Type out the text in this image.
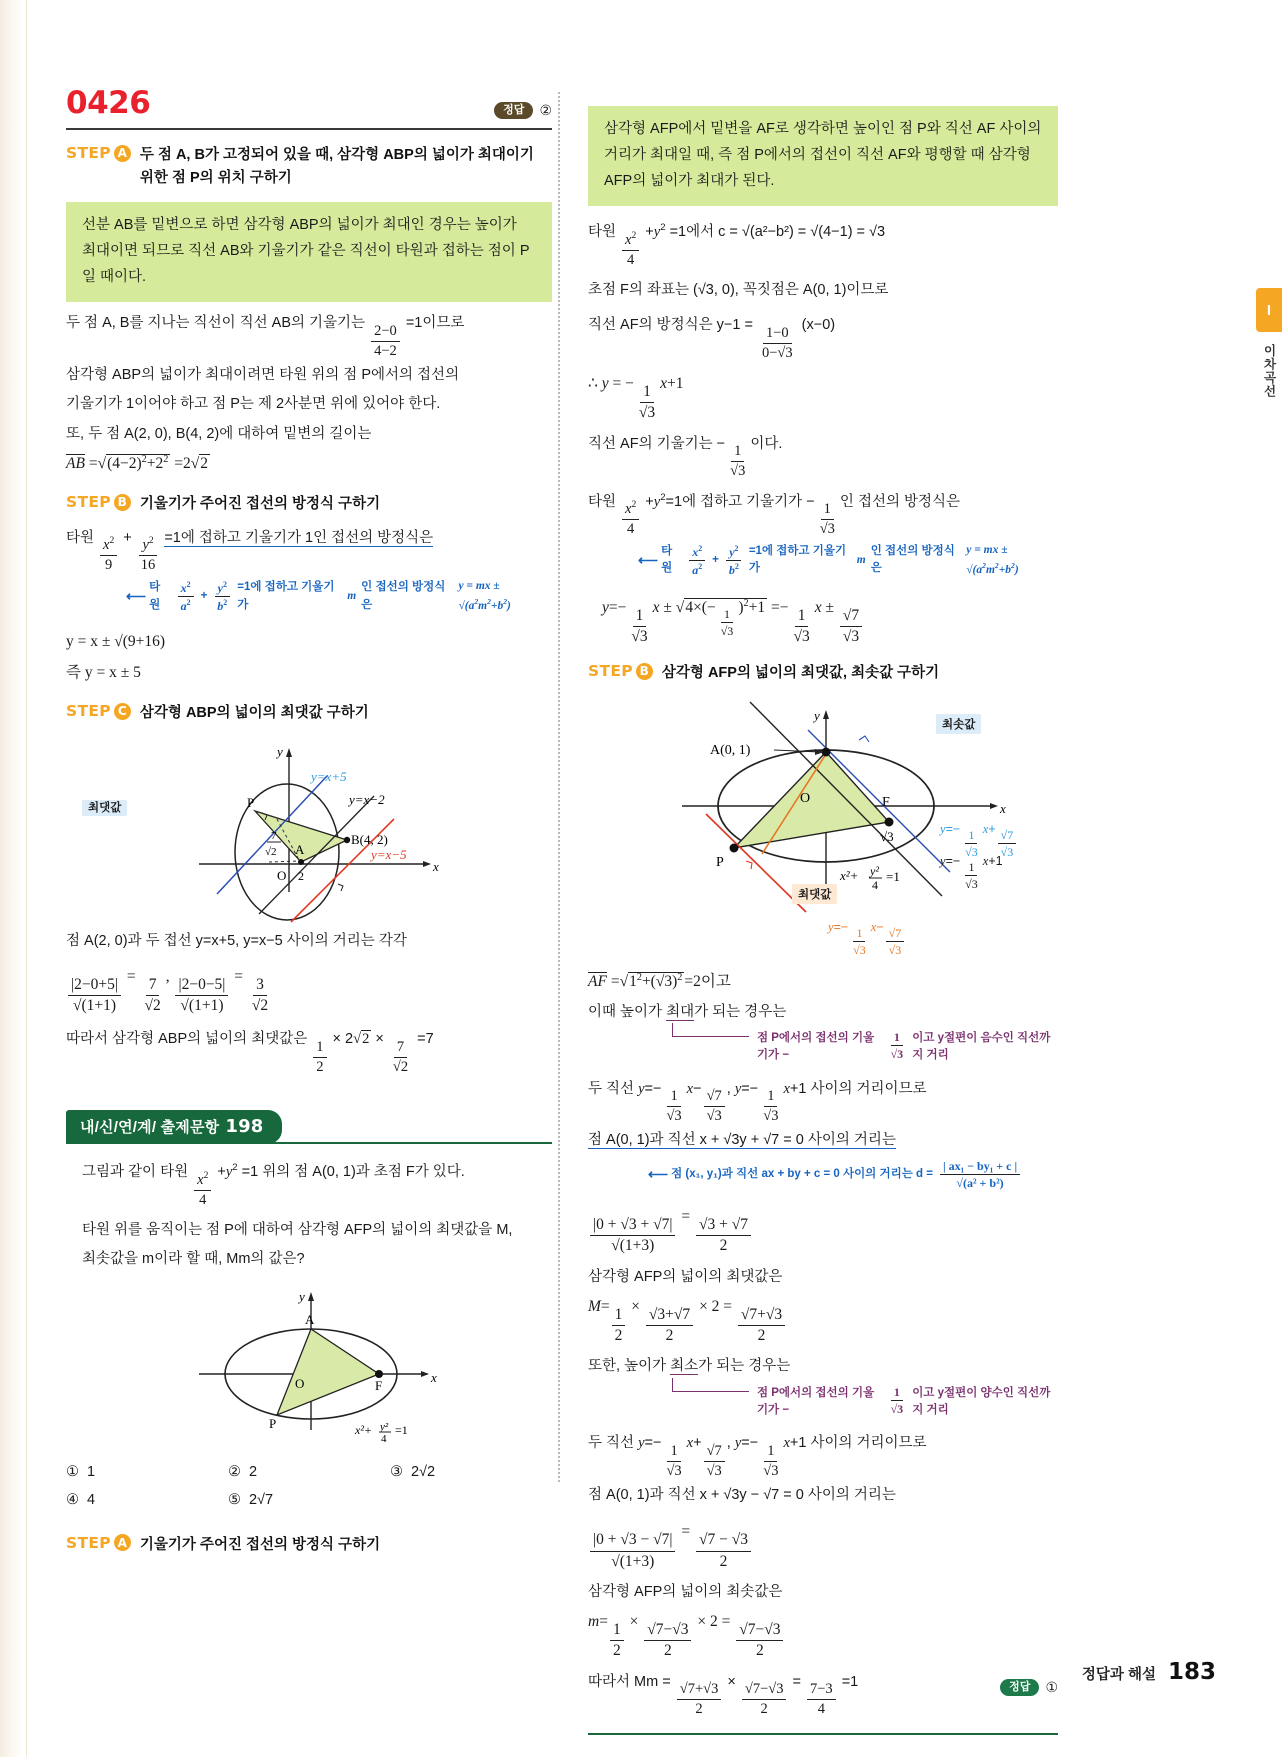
I
이차곡선
0426	정답	②
STEP A 두 점 A, B가 고정되어 있을 때, 삼각형 ABP의 넓이가 최대이기
위한 점 P의 위치 구하기
선분 AB를 밑변으로 하면 삼각형 ABP의 넓이가 최대인 경우는 높이가
최대이면 되므로 직선 AB와 기울기가 같은 직선이 타원과 접하는 점이 P
일 때이다.
두 점 A, B를 지나는 직선이 직선 AB의 기울기는 $\frac{2-0}{4-2} =1$이므로
삼각형 ABP의 넓이가 최대이려면 타원 위의 점 P에서의 접선의
기울기가 1이어야 하고 점 P는 제 2사분면 위에 있어야 한다.
또, 두 점 A(2, 0), B(4, 2)에 대하여 밑변의 길이는
AB $=√(4-2)^2+2^2 =2√2$
STEP B 기울기가 주어진 접선의 방정식 구하기
타원 $\frac{x^2}{9} + \frac{y^2}{16} =1$에 접하고 기울기가 1인 접선의 방정식은
⟵
타원	$\frac{x^2}{a^2} + \frac{y^2}{b^2} =1$에 접하고 기울기가
m
인 접선의 방정식은
y = mx ± $√(a^2m^2+b^2)$
y = x ± √(9+16)
즉 y = x ± 5
STEP C 삼각형 ABP의 넓이의 최댓값 구하기
y
x
y=x+5
y=x−2
y=x−5
P
A
B(4, 2)
O 2
7
√2
최댓값
점 A(2, 0)과 두 접선 y=x+5, y=x−5 사이의 거리는 각각
$\frac{|2-0+5|}{√(1+1)} = \frac{7}{√2}$ , $\frac{|2-0-5|}{√(1+1)} = \frac{3}{√2}$
따라서 삼각형 ABP의 넓이의 최댓값은 $\frac{1}{2} \times 2√2 \times \frac{7}{√2} =7$
내/신/연/계/ 출제문항 198
그림과 같이 타원 $\frac{x^2}{4} +y^2 =1$ 위의 점 A(0, 1)과 초점 F가 있다.
타원 위를 움직이는 점 P에 대하여 삼각형 AFP의 넓이의 최댓값을 M,
최솟값을 m이라 할 때, Mm의 값은?
y
x
A
P
F
O
x²+ y²
4
=1
① 1	② 2	③ 2√2
④ 4	⑤ 2√7
STEP A 기울기가 주어진 접선의 방정식 구하기
삼각형 AFP에서 밑변을 AF로 생각하면 높이인 점 P와 직선 AF 사이의
거리가 최대일 때, 즉 점 P에서의 접선이 직선 AF와 평행할 때 삼각형
AFP의 넓이가 최대가 된다.
타원 $\frac{x^2}{4} +y^2 =1$에서 c = √(a²−b²) = √(4−1) = √3
초점 F의 좌표는 (√3, 0), 꼭짓점은 A(0, 1)이므로
직선 AF의 방정식은 $y-1 = \frac{1-0}{0-√3} (x-0)$
∴ y = − $\frac{1}{√3} x+1$
직선 AF의 기울기는 − $\frac{1}{√3}$ 이다.
타원 $\frac{x^2}{4} +y^2=1$에 접하고 기울기가 − $\frac{1}{√3}$ 인 접선의 방정식은
⟵
타원	$\frac{x^2}{a^2} + \frac{y^2}{b^2} =1$에 접하고 기울기가
m
인 접선의 방정식은
y = mx ± $√(a^2m^2+b^2)$
$y=- \frac{1}{√3}$ $x \pm √4\times(- \frac{1}{√3} )^2+1 =- \frac{1}{√3}$ $x \pm \frac{√7}{√3}$
STEP B 삼각형 AFP의 넓이의 최댓값, 최솟값 구하기
y
x
A(0, 1)
P
F
O
√3
x²+ y²
4
=1
최솟값
최댓값
$y=- \frac{1}{√3} x+ \frac{√7}{√3}$
$y=- \frac{1}{√3} x+1$
$y=- \frac{1}{√3} x- \frac{√7}{√3}$
AF $=√1^2+(√3)^2 =2$이고
이때 높이가 최대가 되는 경우는
점 P에서의 접선의 기울기가 −	$\frac{1}{√3}$ 이고 y절편이 음수인 직선까지 거리
두 직선 $y=- \frac{1}{√3} x- \frac{√7}{√3}$ , $y=- \frac{1}{√3} x+1$ 사이의 거리이므로
점 A(0, 1)과 직선 x + √3y + √7 = 0 사이의 거리는
⟵ 점 (x₁, y₁)과 직선 ax + by + c = 0 사이의 거리는 $d = \frac{\text{| ax₁ − by₁ + c |}}{\text{√(a² + b²)}}$
$\frac{|0 + √3 + √7|}{√(1+3)} = \frac{√3 + √7}{2}$
삼각형 AFP의 넓이의 최댓값은
$M= \frac{1}{2} \times \frac{√3+√7}{2} \times 2 = \frac{√7+√3}{2}$
또한, 높이가 최소가 되는 경우는
점 P에서의 접선의 기울기가 −	$\frac{1}{√3}$ 이고 y절편이 양수인 직선까지 거리
두 직선 $y=- \frac{1}{√3} x+ \frac{√7}{√3}$ , $y=- \frac{1}{√3} x+1$ 사이의 거리이므로
점 A(0, 1)과 직선 x + √3y − √7 = 0 사이의 거리는
$\frac{|0 + √3 - √7|}{√(1+3)} = \frac{√7 - √3}{2}$
삼각형 AFP의 넓이의 최솟값은
$m= \frac{1}{2} \times \frac{√7-√3}{2} \times 2 = \frac{√7-√3}{2}$
따라서 $Mm = \frac{√7+√3}{2} \times \frac{√7-√3}{2} = \frac{7-3}{4} =1$	정답	①
정답과 해설 183
